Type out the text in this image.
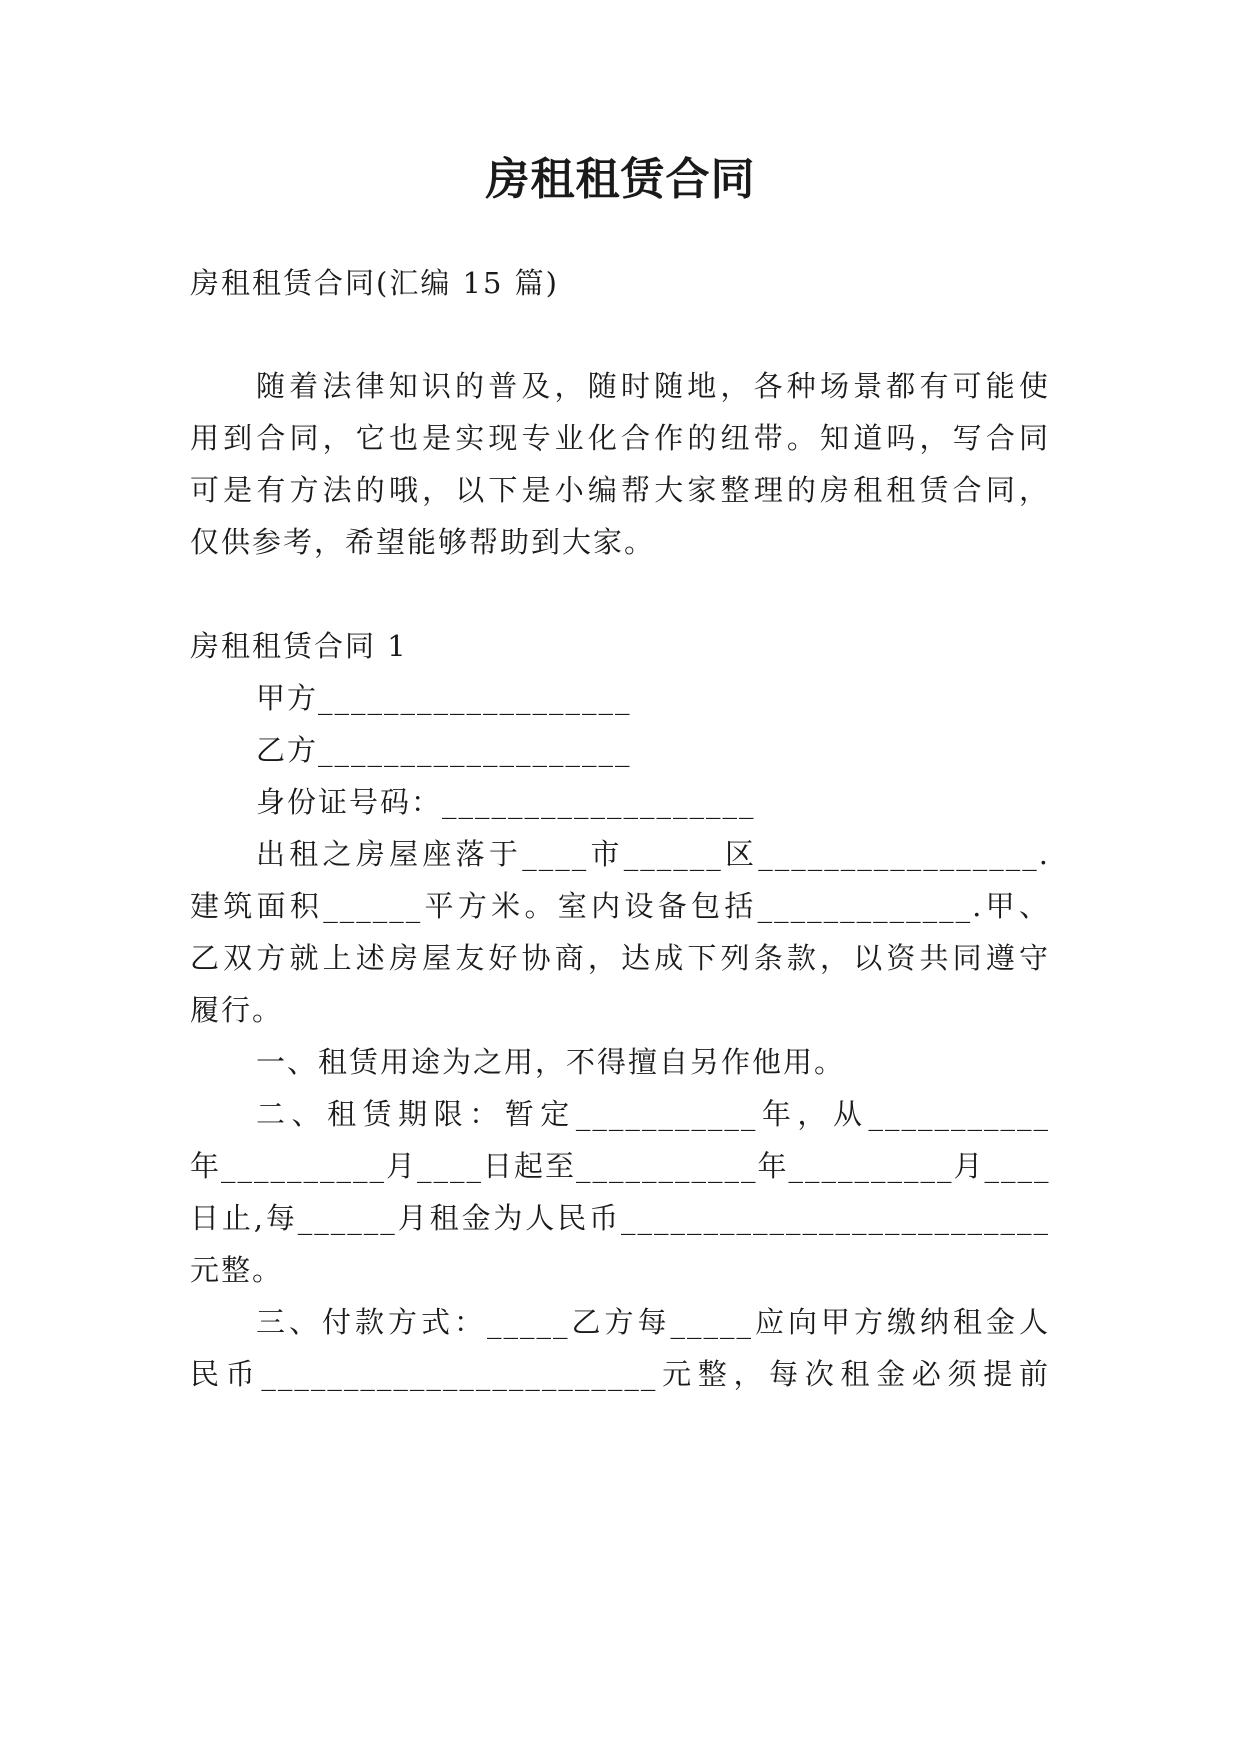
房租租赁合同
房租租赁合同(汇编 15 篇)
随着法律知识的普及，随时随地，各种场景都有可能使
用到合同，它也是实现专业化合作的纽带。知道吗，写合同
可是有方法的哦，以下是小编帮大家整理的房租租赁合同，
仅供参考，希望能够帮助到大家。
房租租赁合同 1
甲方___________________
乙方___________________
身份证号码：___________________
出租之房屋座落于____市______区_________________.
建筑面积______平方米。室内设备包括_____________.甲、
乙双方就上述房屋友好协商，达成下列条款，以资共同遵守
履行。
一、租赁用途为之用，不得擅自另作他用。
二、租赁期限：暂定___________年，从___________
年__________月____日起至___________年__________月____
日止,每______月租金为人民币__________________________
元整。
三、付款方式：_____乙方每_____应向甲方缴纳租金人
民币________________________元整，每次租金必须提前
